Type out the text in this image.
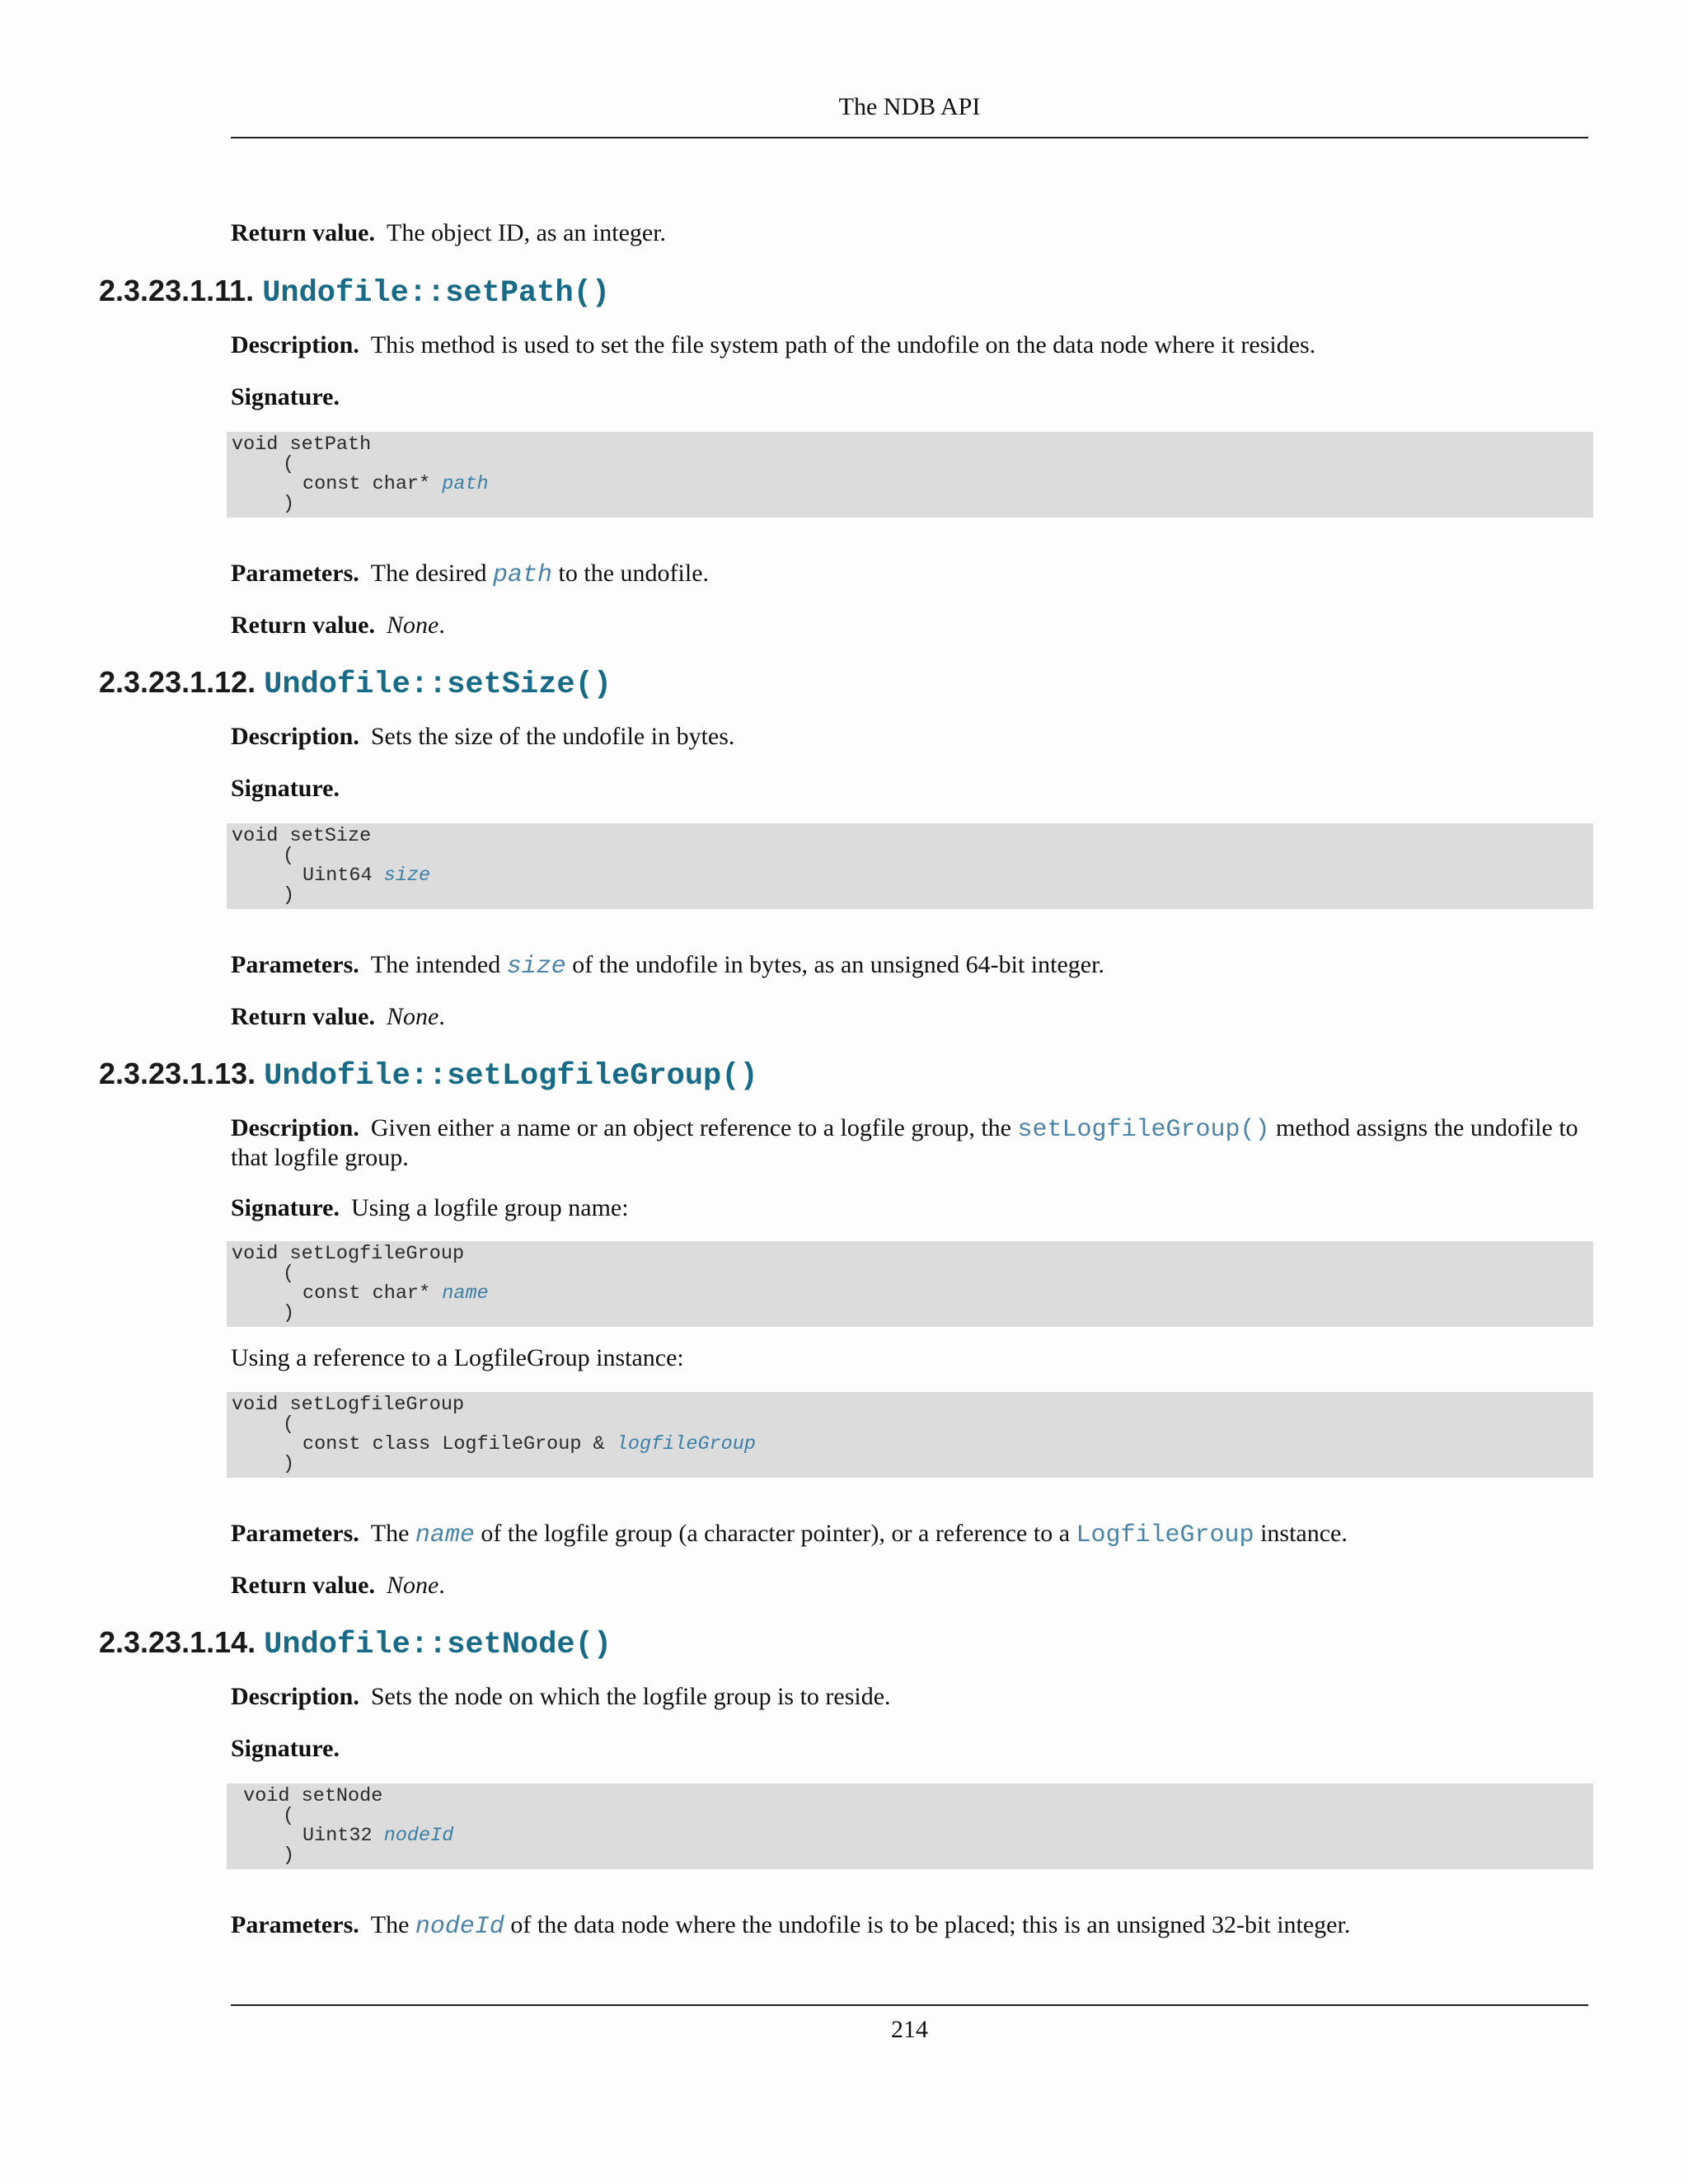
The NDB API
Return value. The object ID, as an integer.
2.3.23.1.11. Undofile::setPath()
Description. This method is used to set the file system path of the undofile on the data node where it resides.
Signature.
void setPath
(
const char* path
)
Parameters. The desired path to the undofile.
Return value. None.
2.3.23.1.12. Undofile::setSize()
Description. Sets the size of the undofile in bytes.
Signature.
void setSize
(
Uint64 size
)
Parameters. The intended size of the undofile in bytes, as an unsigned 64-bit integer.
Return value. None.
2.3.23.1.13. Undofile::setLogfileGroup()
Description. Given either a name or an object reference to a logfile group, the setLogfileGroup() method assigns the undofile to that logfile group.
Signature. Using a logfile group name:
void setLogfileGroup
(
const char* name
)
Using a reference to a LogfileGroup instance:
void setLogfileGroup
(
const class LogfileGroup & logfileGroup
)
Parameters. The name of the logfile group (a character pointer), or a reference to a LogfileGroup instance.
Return value. None.
2.3.23.1.14. Undofile::setNode()
Description. Sets the node on which the logfile group is to reside.
Signature.
void setNode
(
Uint32 nodeId
)
Parameters. The nodeId of the data node where the undofile is to be placed; this is an unsigned 32-bit integer.
214
